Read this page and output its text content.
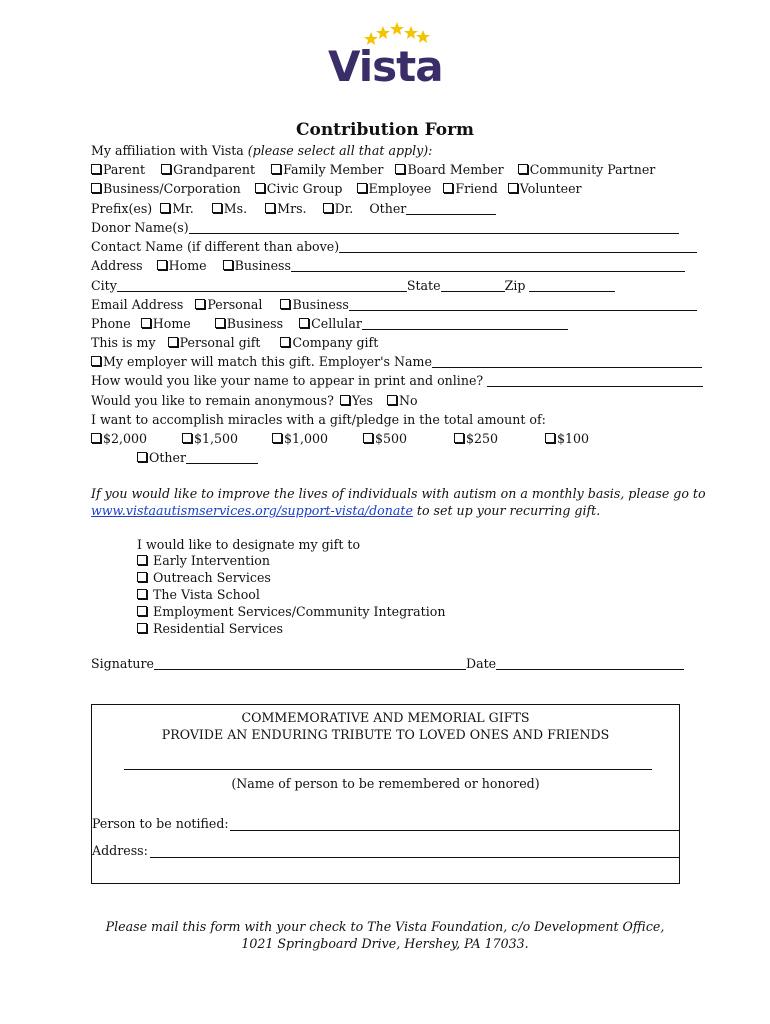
Vista
Contribution Form
My affiliation with Vista (please select all that apply):
Parent Grandparent Family Member Board Member Community Partner
Business/Corporation Civic Group Employee Friend Volunteer
Prefix(es) Mr. Ms. Mrs. Dr. Other
Donor Name(s)
Contact Name (if different than above)
Address Home Business
City	State	Zip
Email Address Personal Business
Phone Home	Business Cellular
This is my Personal gift	Company gift
My employer will match this gift. Employer's Name
How would you like your name to appear in print and online?
Would you like to remain anonymous? Yes No
I want to accomplish miracles with a gift/pledge in the total amount of:
$2,000	$1,500	$1,000	$500	$250	$100
Other
If you would like to improve the lives of individuals with autism on a monthly basis, please go to
www.vistaautismservices.org/support-vista/donate to set up your recurring gift.
I would like to designate my gift to
Early Intervention
Outreach Services
The Vista School
Employment Services/Community Integration
Residential Services
Signature	Date
COMMEMORATIVE AND MEMORIAL GIFTS
PROVIDE AN ENDURING TRIBUTE TO LOVED ONES AND FRIENDS
(Name of person to be remembered or honored)
Person to be notified:
Address:
Please mail this form with your check to The Vista Foundation, c/o Development Office,
1021 Springboard Drive, Hershey, PA 17033.
